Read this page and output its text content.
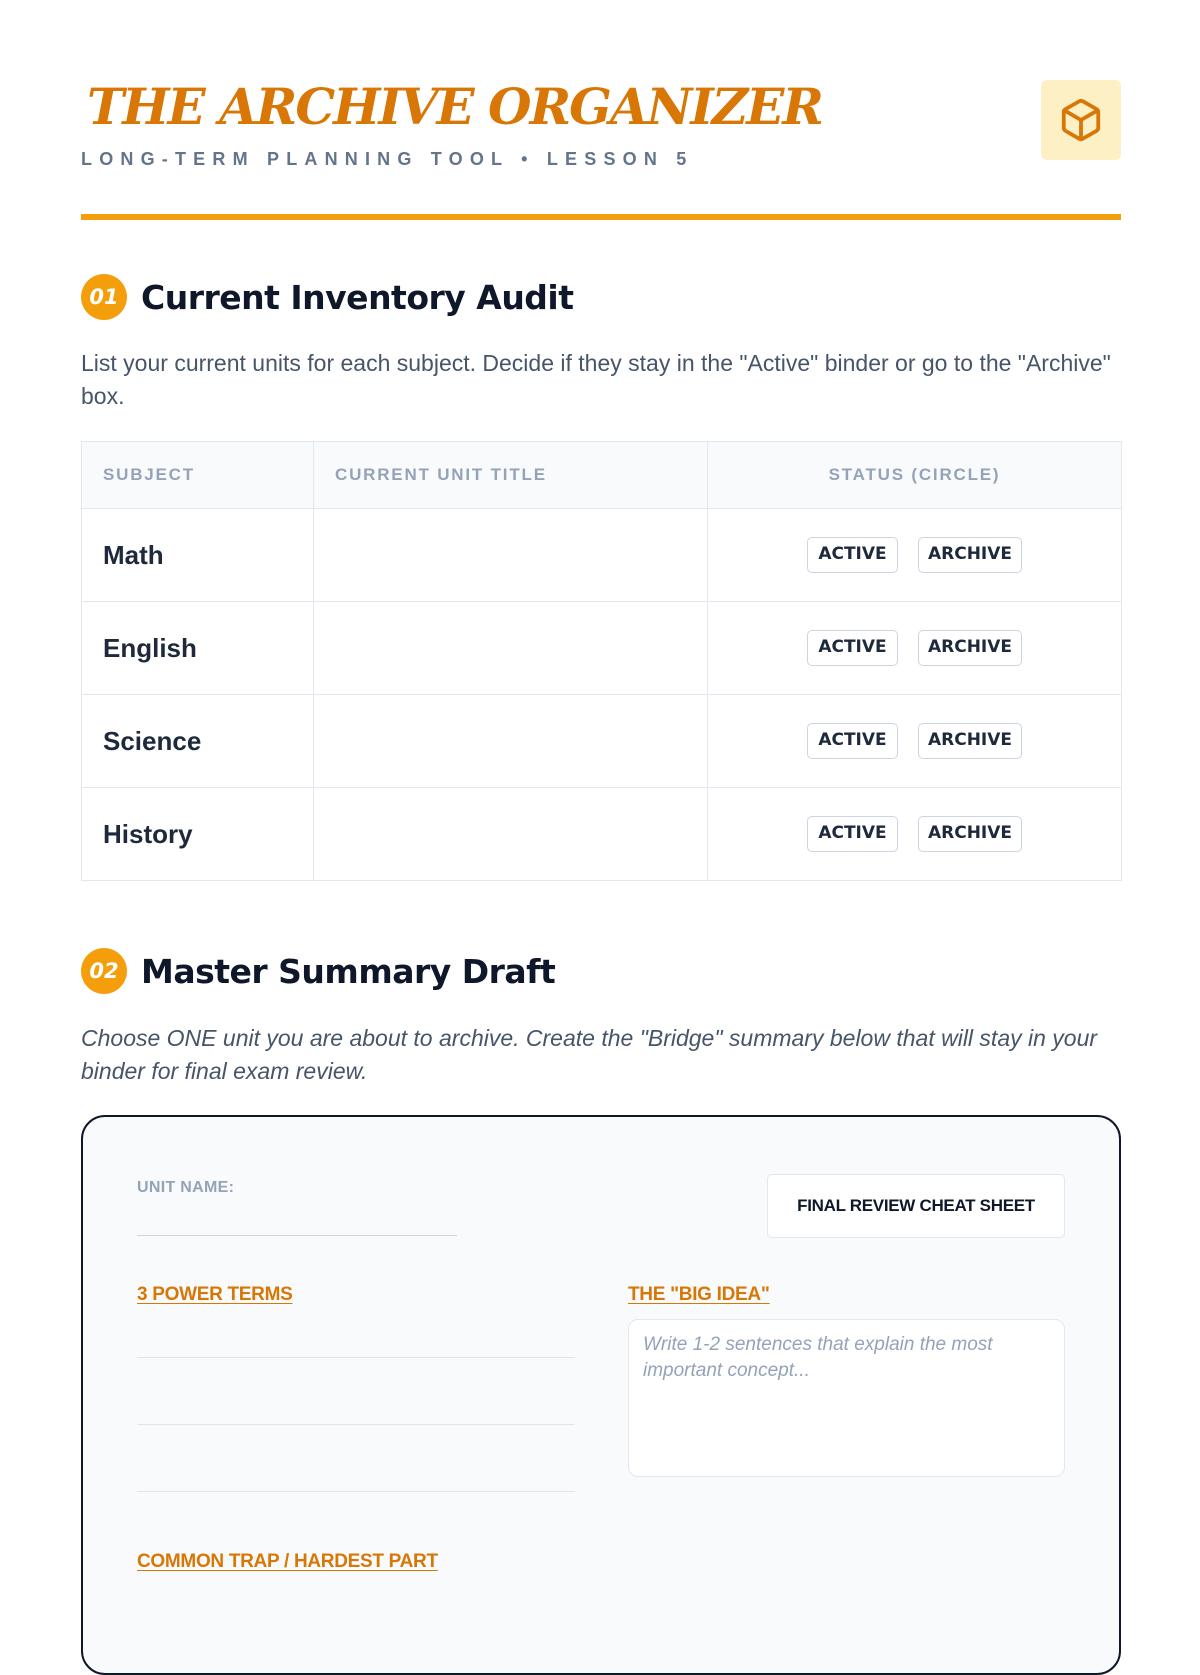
THE ARCHIVE ORGANIZER
LONG-TERM PLANNING TOOL • LESSON 5
01 Current Inventory Audit

List your current units for each subject. Decide if they stay in the "Active" binder or go to the "Archive" box.

SUBJECT	CURRENT UNIT TITLE	STATUS (CIRCLE)
Math		ACTIVE ARCHIVE
English		ACTIVE ARCHIVE
Science		ACTIVE ARCHIVE
History		ACTIVE ARCHIVE
02 Master Summary Draft

Choose ONE unit you are about to archive. Create the "Bridge" summary below that will stay in your binder for final exam review.

UNIT NAME:
FINAL REVIEW CHEAT SHEET
3 POWER TERMS	THE "BIG IDEA"
Write 1-2 sentences that explain the most important concept...
COMMON TRAP / HARDEST PART
